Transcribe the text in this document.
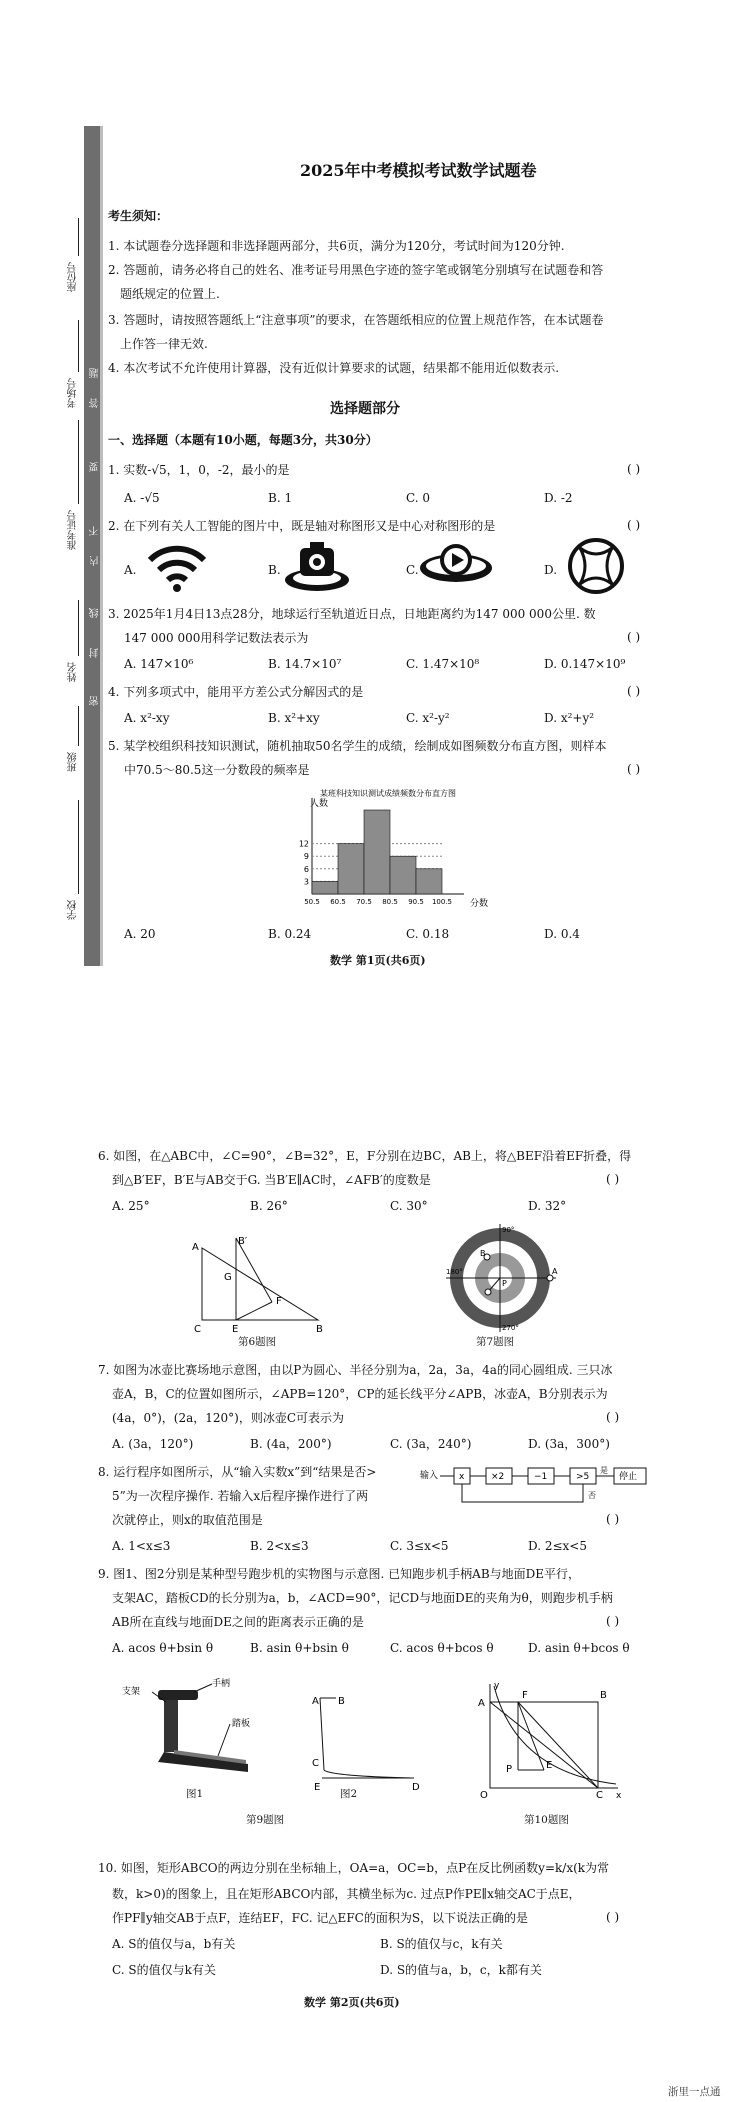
座位号
考场号
准考证号
姓名
班级
学校
题
答
要
不
内
线
封
密
2025年中考模拟考试数学试题卷
考生须知：
1. 本试题卷分选择题和非选择题两部分，共6页，满分为120分，考试时间为120分钟.
2. 答题前，请务必将自己的姓名、准考证号用黑色字迹的签字笔或钢笔分别填写在试题卷和答
题纸规定的位置上.
3. 答题时，请按照答题纸上“注意事项”的要求，在答题纸相应的位置上规范作答，在本试题卷
上作答一律无效.
4. 本次考试不允许使用计算器，没有近似计算要求的试题，结果都不能用近似数表示.
选择题部分
一、选择题（本题有10小题，每题3分，共30分）
1. 实数-√5，1，0，-2，最小的是	( )
A. -√5	B. 1	C. 0	D. -2
2. 在下列有关人工智能的图片中，既是轴对称图形又是中心对称图形的是	( )
A.	B.	C.	D.
3. 2025年1月4日13点28分，地球运行至轨道近日点，日地距离约为147 000 000公里. 数
147 000 000用科学记数法表示为	( )
A. 147×10⁶	B. 14.7×10⁷	C. 1.47×10⁸	D. 0.147×10⁹
4. 下列多项式中，能用平方差公式分解因式的是	( )
A. x²-xy	B. x²+xy	C. x²-y²	D. x²+y²
5. 某学校组织科技知识测试，随机抽取50名学生的成绩，绘制成如图频数分布直方图，则样本
中70.5～80.5这一分数段的频率是	( )
某班科技知识测试成绩频数分布直方图
人数
分数
3
6
9
12
50.5 60.5 70.5 80.5 90.5 100.5
A. 20	B. 0.24	C. 0.18	D. 0.4
数学 第1页(共6页)
6. 如图，在△ABC中，∠C=90°，∠B=32°，E，F分别在边BC，AB上，将△BEF沿着EF折叠，得
到△B′EF，B′E与AB交于G. 当B′E∥AC时，∠AFB′的度数是	( )
A. 25°	B. 26°	C. 30°	D. 32°
A
B′
G
F
C	E	B
第6题图
90°
180°
P
A
B
270°
第7题图
7. 如图为冰壶比赛场地示意图，由以P为圆心、半径分别为a，2a，3a，4a的同心圆组成. 三只冰
壶A，B，C的位置如图所示，∠APB=120°，CP的延长线平分∠APB，冰壶A，B分别表示为
(4a，0°)，(2a，120°)，则冰壶C可表示为	( )
A. (3a，120°)	B. (4a，200°)	C. (3a，240°)	D. (3a，300°)
8. 运行程序如图所示，从“输入实数x”到“结果是否>
5”为一次程序操作. 若输入x后程序操作进行了两
次就停止，则x的取值范围是	( )
A. 1<x≤3	B. 2<x≤3	C. 3≤x<5	D. 2≤x<5
输入 x	×2	−1	>5
是
停止
否
9. 图1、图2分别是某种型号跑步机的实物图与示意图. 已知跑步机手柄AB与地面DE平行，
支架AC，踏板CD的长分别为a，b，∠ACD=90°，记CD与地面DE的夹角为θ，则跑步机手柄
AB所在直线与地面DE之间的距离表示正确的是	( )
A. acos θ+bsin θ	B. asin θ+bsin θ	C. acos θ+bcos θ	D. asin θ+bcos θ
手柄
支架
踏板
图1
A B
C
E	D
图2
第9题图
A
F	B
P	E
O	C x
y
第10题图
10. 如图，矩形ABCO的两边分别在坐标轴上，OA=a，OC=b，点P在反比例函数y=k/x(k为常
数，k>0)的图象上，且在矩形ABCO内部，其横坐标为c. 过点P作PE∥x轴交AC于点E，
作PF∥y轴交AB于点F，连结EF，FC. 记△EFC的面积为S，以下说法正确的是	( )
A. S的值仅与a，b有关	B. S的值仅与c，k有关
C. S的值仅与k有关	D. S的值与a，b，c，k都有关
数学 第2页(共6页)
浙里一点通
